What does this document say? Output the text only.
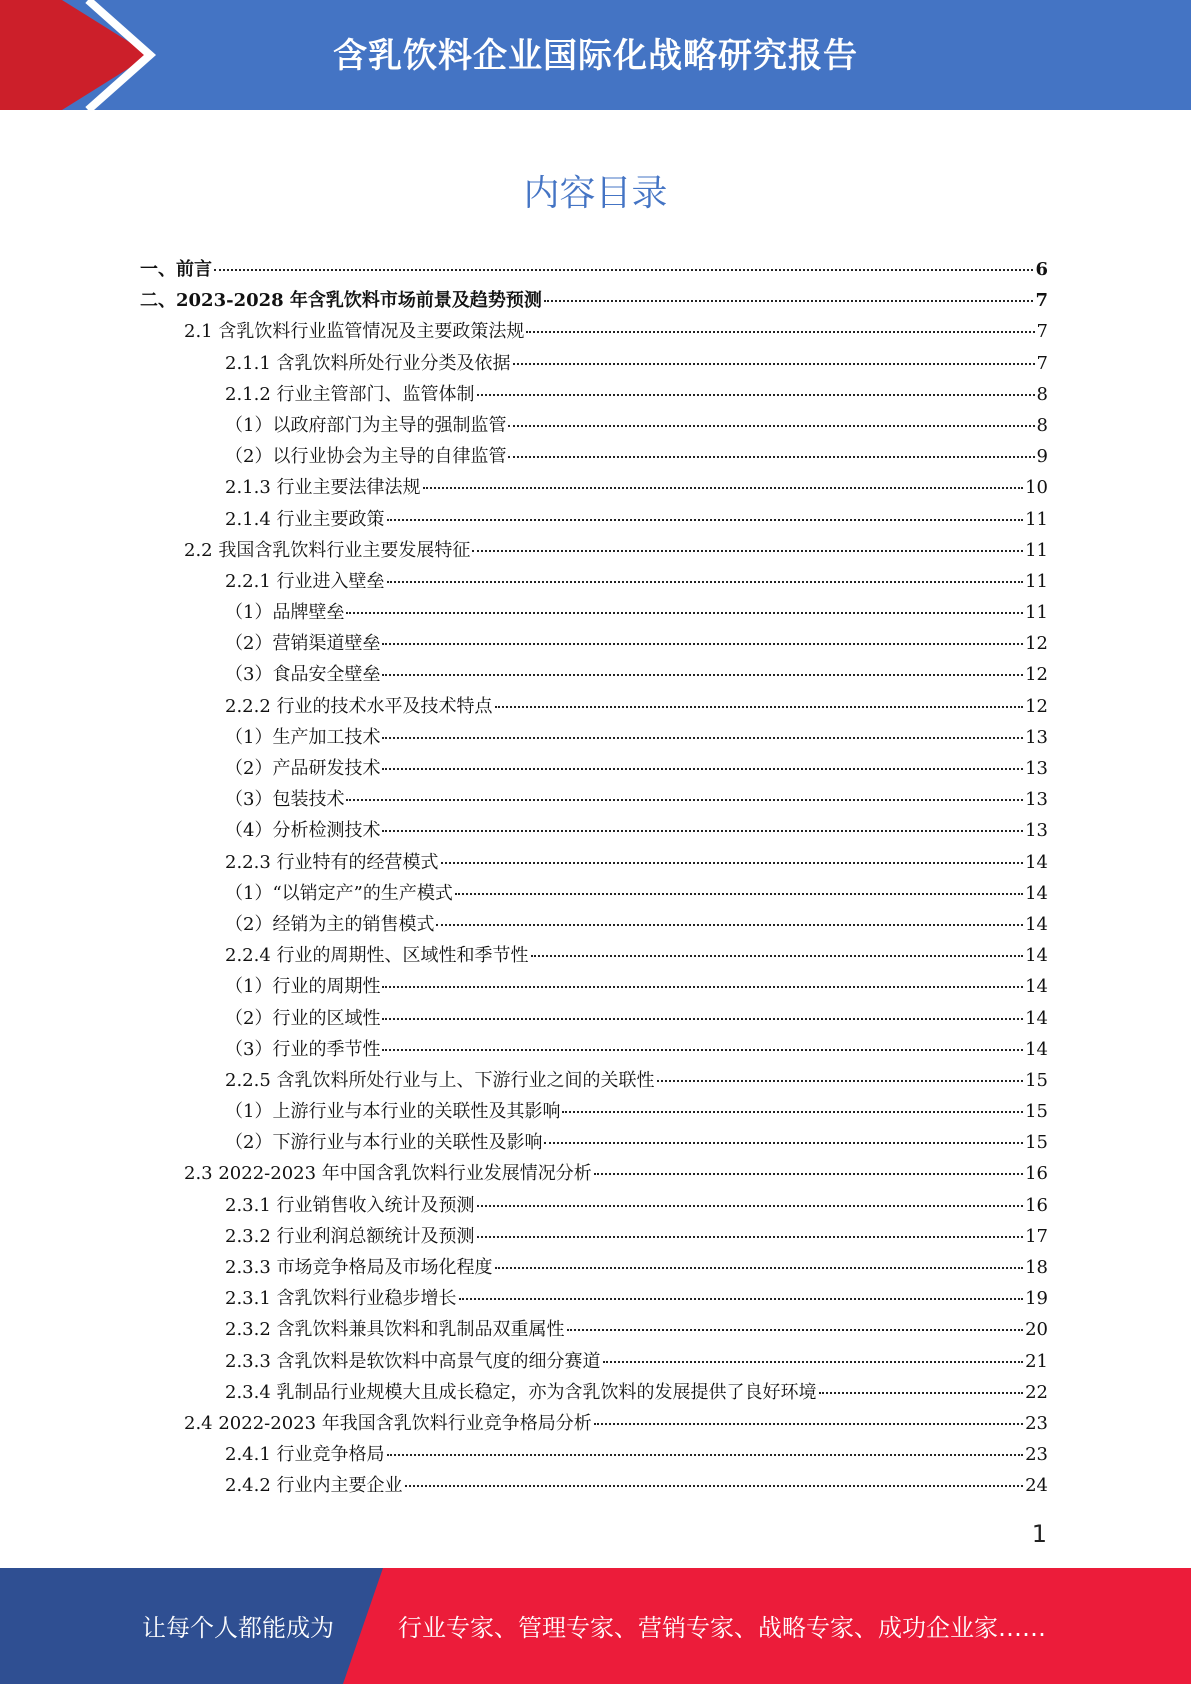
含乳饮料企业国际化战略研究报告
内容目录
一、前言	6
二、2023-2028 年含乳饮料市场前景及趋势预测	7
2.1 含乳饮料行业监管情况及主要政策法规	7
2.1.1 含乳饮料所处行业分类及依据	7
2.1.2 行业主管部门、监管体制	8
（1）以政府部门为主导的强制监管	8
（2）以行业协会为主导的自律监管	9
2.1.3 行业主要法律法规	10
2.1.4 行业主要政策	11
2.2 我国含乳饮料行业主要发展特征	11
2.2.1 行业进入壁垒	11
（1）品牌壁垒	11
（2）营销渠道壁垒	12
（3）食品安全壁垒	12
2.2.2 行业的技术水平及技术特点	12
（1）生产加工技术	13
（2）产品研发技术	13
（3）包装技术	13
（4）分析检测技术	13
2.2.3 行业特有的经营模式	14
（1）“以销定产”的生产模式	14
（2）经销为主的销售模式	14
2.2.4 行业的周期性、区域性和季节性	14
（1）行业的周期性	14
（2）行业的区域性	14
（3）行业的季节性	14
2.2.5 含乳饮料所处行业与上、下游行业之间的关联性	15
（1）上游行业与本行业的关联性及其影响	15
（2）下游行业与本行业的关联性及影响	15
2.3 2022-2023 年中国含乳饮料行业发展情况分析	16
2.3.1 行业销售收入统计及预测	16
2.3.2 行业利润总额统计及预测	17
2.3.3 市场竞争格局及市场化程度	18
2.3.1 含乳饮料行业稳步增长	19
2.3.2 含乳饮料兼具饮料和乳制品双重属性	20
2.3.3 含乳饮料是软饮料中高景气度的细分赛道	21
2.3.4 乳制品行业规模大且成长稳定，亦为含乳饮料的发展提供了良好环境	22
2.4 2022-2023 年我国含乳饮料行业竞争格局分析	23
2.4.1 行业竞争格局	23
2.4.2 行业内主要企业	24
1
让每个人都能成为	行业专家、管理专家、营销专家、战略专家、成功企业家……
